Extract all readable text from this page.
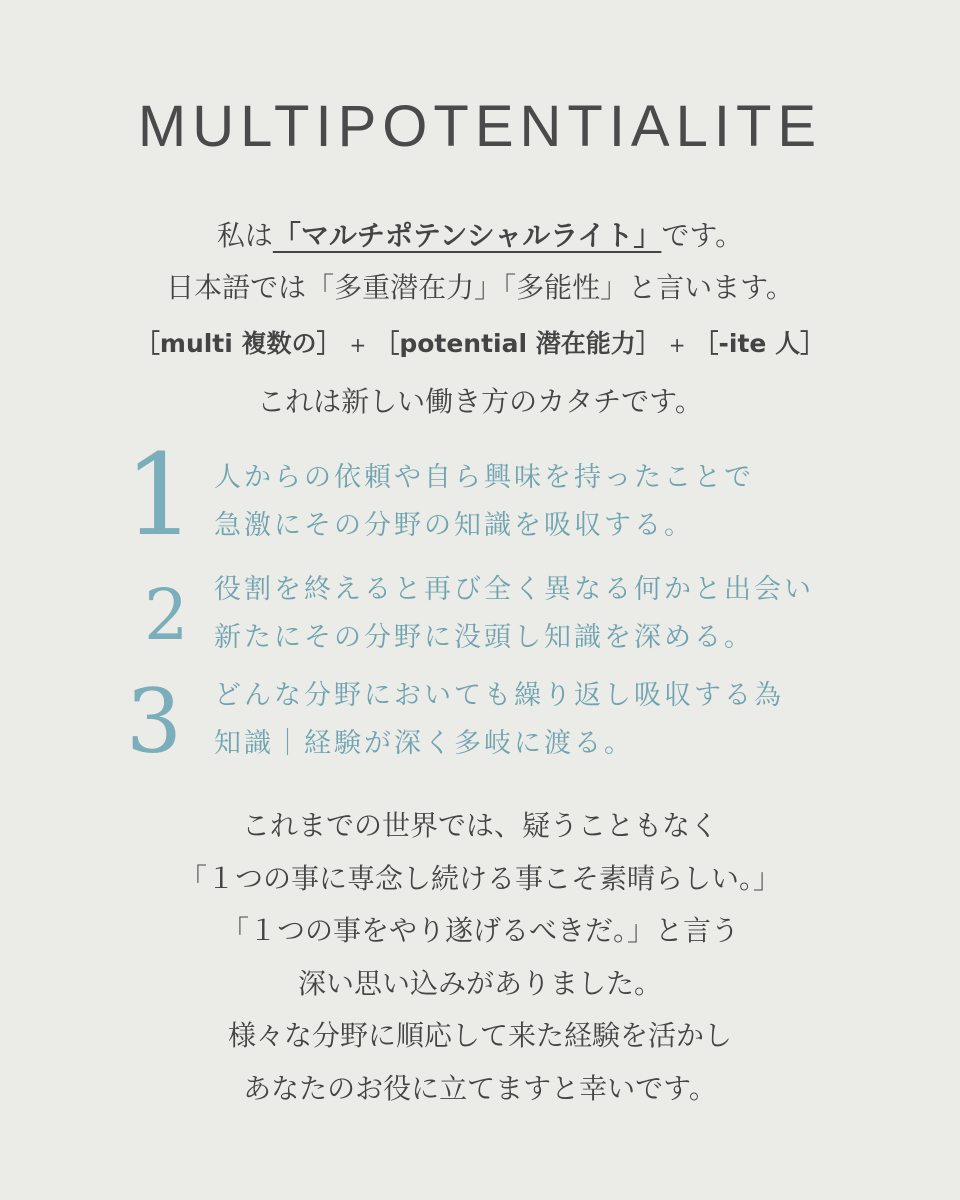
MULTIPOTENTIALITE
私は「マルチポテンシャルライト」です。
日本語では「多重潜在力」「多能性」と言います。
［multi 複数の］ + ［potential 潜在能力］ + ［-ite 人］
これは新しい働き方のカタチです。
1 人からの依頼や自ら興味を持ったことで
急激にその分野の知識を吸収する。
2 役割を終えると再び全く異なる何かと出会い
新たにその分野に没頭し知識を深める。
3 どんな分野においても繰り返し吸収する為
知識｜経験が深く多岐に渡る。
これまでの世界では、疑うこともなく
「１つの事に専念し続ける事こそ素晴らしい。」
「１つの事をやり遂げるべきだ。」と言う
深い思い込みがありました。
様々な分野に順応して来た経験を活かし
あなたのお役に立てますと幸いです。
